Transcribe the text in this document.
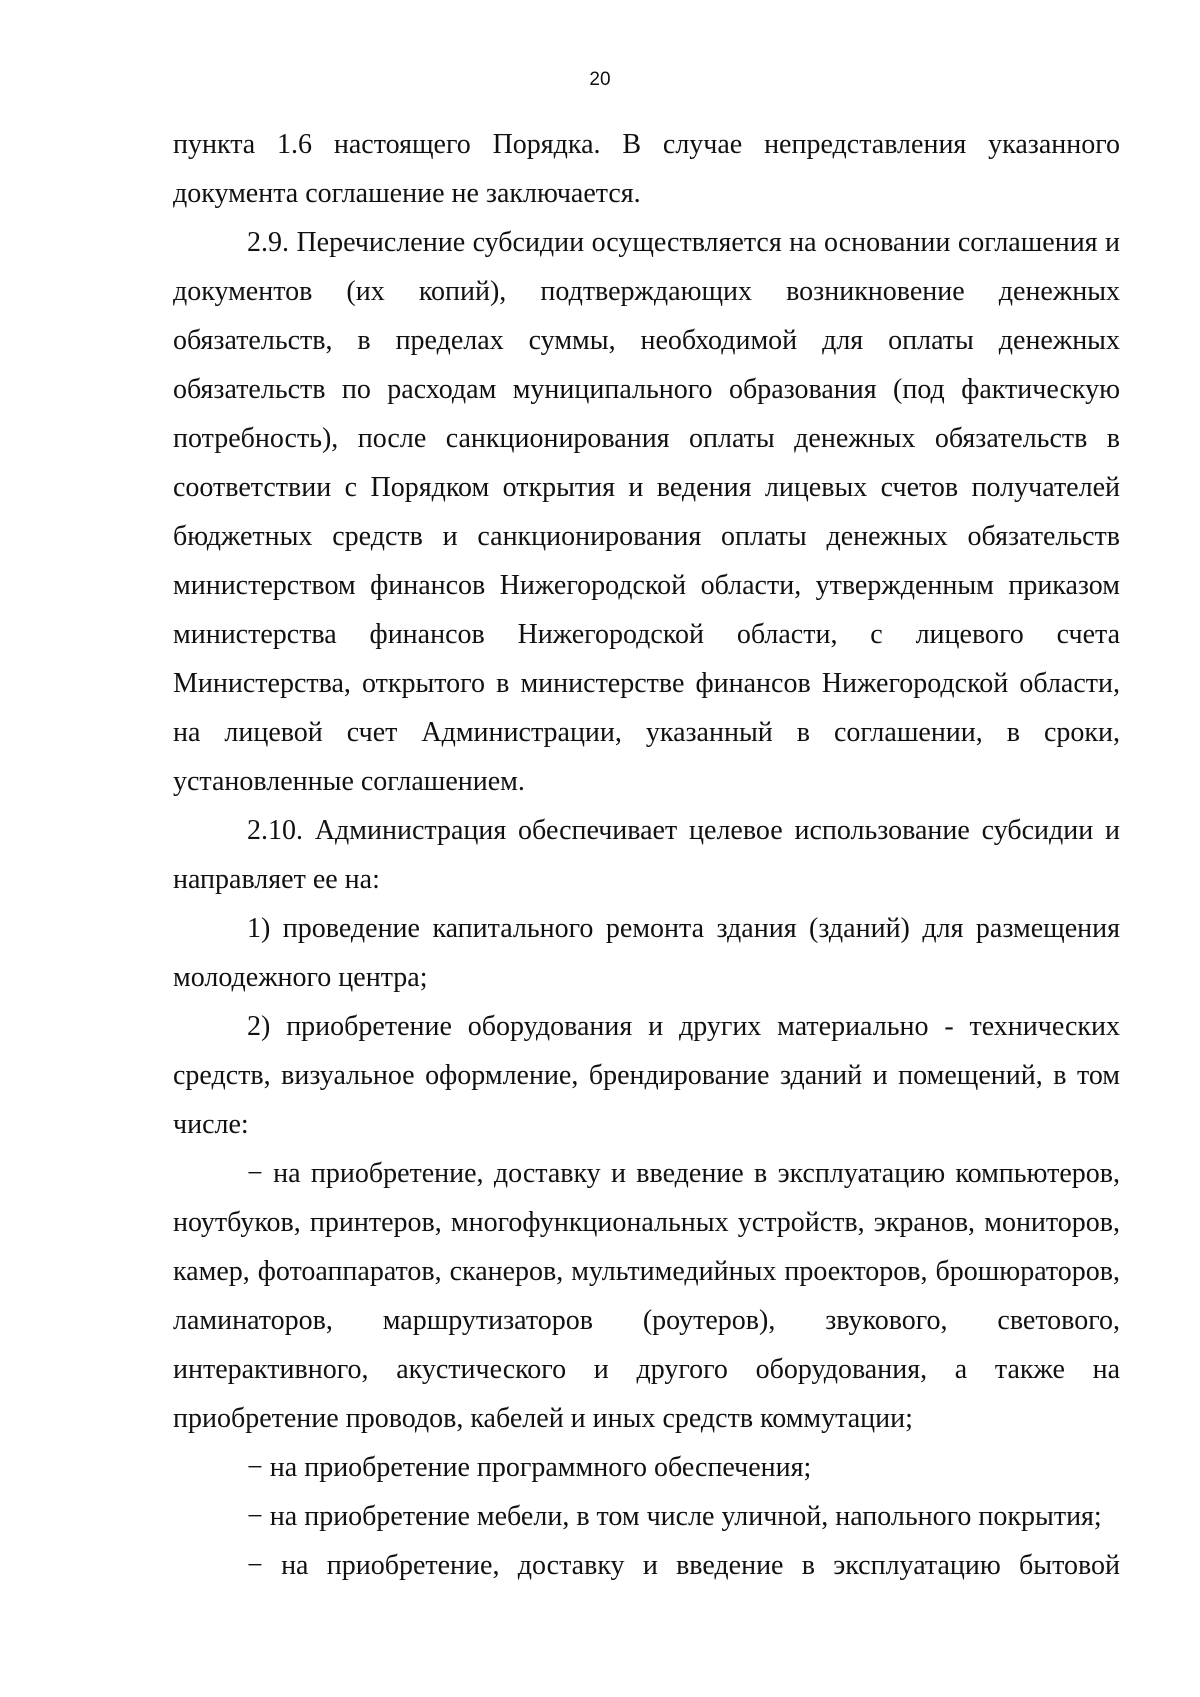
20

пункта 1.6 настоящего Порядка. В случае непредставления указанного документа соглашение не заключается.

2.9. Перечисление субсидии осуществляется на основании соглашения и документов (их копий), подтверждающих возникновение денежных обязательств, в пределах суммы, необходимой для оплаты денежных обязательств по расходам муниципального образования (под фактическую потребность), после санкционирования оплаты денежных обязательств в соответствии с Порядком открытия и ведения лицевых счетов получателей бюджетных средств и санкционирования оплаты денежных обязательств министерством финансов Нижегородской области, утвержденным приказом министерства финансов Нижегородской области, с лицевого счета Министерства, открытого в министерстве финансов Нижегородской области, на лицевой счет Администрации, указанный в соглашении, в сроки, установленные соглашением.

2.10. Администрация обеспечивает целевое использование субсидии и направляет ее на:

1) проведение капитального ремонта здания (зданий) для размещения молодежного центра;

2) приобретение оборудования и других материально - технических средств, визуальное оформление, брендирование зданий и помещений, в том числе:

− на приобретение, доставку и введение в эксплуатацию компьютеров, ноутбуков, принтеров, многофункциональных устройств, экранов, мониторов, камер, фотоаппаратов, сканеров, мультимедийных проекторов, брошюраторов, ламинаторов, маршрутизаторов (роутеров), звукового, светового, интерактивного, акустического и другого оборудования, а также на приобретение проводов, кабелей и иных средств коммутации;

− на приобретение программного обеспечения;

− на приобретение мебели, в том числе уличной, напольного покрытия;

− на приобретение, доставку и введение в эксплуатацию бытовой
